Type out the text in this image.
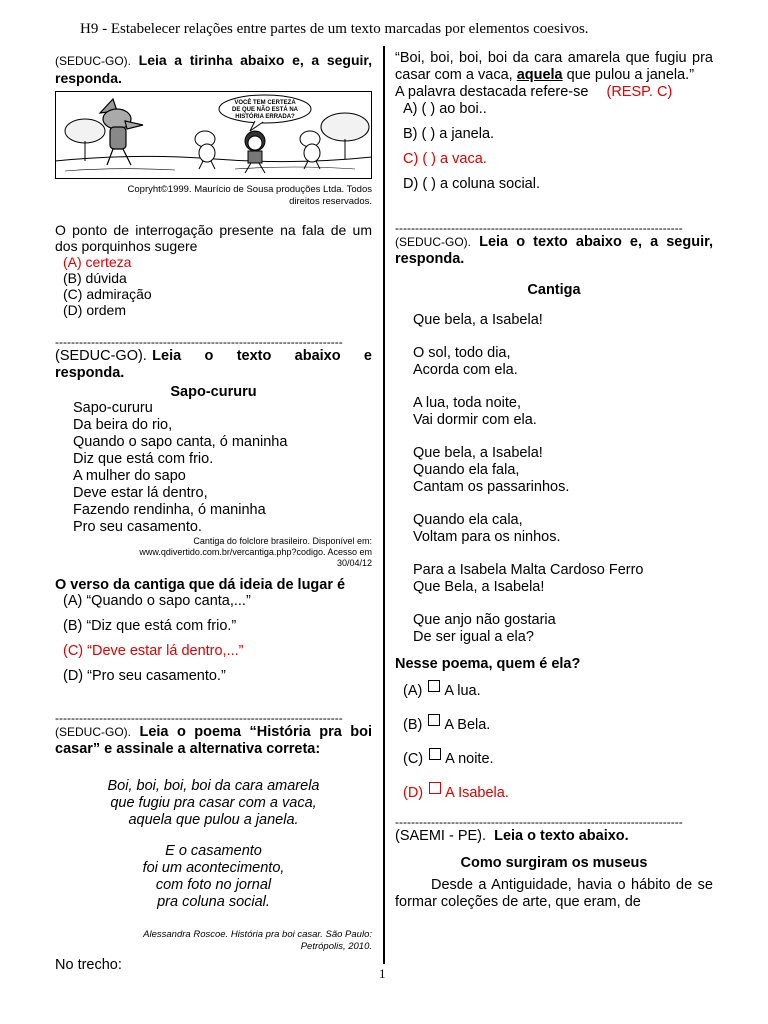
H9 - Estabelecer relações entre partes de um texto marcadas por elementos coesivos.

(SEDUC-GO). Leia a tirinha abaixo e, a seguir, responda.

VOCÊ TEM CERTEZA
DE QUE NÃO ESTÁ NA
HISTÓRIA ERRADA?

Copryht©1999. Maurício de Sousa produções Ltda. Todos direitos reservados.

O ponto de interrogação presente na fala de um dos porquinhos sugere

(A) certeza

(B) dúvida

(C) admiração

(D) ordem

------------------------------------------------------------------------

(SEDUC-GO). Leia o texto abaixo e responda.

Sapo-cururu

Sapo-cururu

Da beira do rio,

Quando o sapo canta, ó maninha

Diz que está com frio.

A mulher do sapo

Deve estar lá dentro,

Fazendo rendinha, ó maninha

Pro seu casamento.

Cantiga do folclore brasileiro. Disponível em: www.qdivertido.com.br/vercantiga.php?codigo. Acesso em 30/04/12

O verso da cantiga que dá ideia de lugar é

(A) “Quando o sapo canta,...”

(B) “Diz que está com frio.”

(C) “Deve estar lá dentro,...”

(D) “Pro seu casamento.”

------------------------------------------------------------------------

(SEDUC-GO). Leia o poema “História pra boi casar” e assinale a alternativa correta:

Boi, boi, boi, boi da cara amarela

que fugiu pra casar com a vaca,

aquela que pulou a janela.

E o casamento

foi um acontecimento,

com foto no jornal

pra coluna social.

Alessandra Roscoe. História pra boi casar. São Paulo: Petrópolis, 2010.

No trecho:

“Boi, boi, boi, boi da cara amarela que fugiu pra casar com a vaca, aquela que pulou a janela.”

A palavra destacada refere-se (RESP. C)

A) ( ) ao boi..

B) ( ) a janela.

C) ( ) a vaca.

D) ( ) a coluna social.

------------------------------------------------------------------------

(SEDUC-GO). Leia o texto abaixo e, a seguir, responda.

Cantiga

Que bela, a Isabela!

O sol, todo dia,

Acorda com ela.

A lua, toda noite,

Vai dormir com ela.

Que bela, a Isabela!

Quando ela fala,

Cantam os passarinhos.

Quando ela cala,

Voltam para os ninhos.

Para a Isabela Malta Cardoso Ferro

Que Bela, a Isabela!

Que anjo não gostaria

De ser igual a ela?

Nesse poema, quem é ela?

(A) A lua.

(B) A Bela.

(C) A noite.

(D) A Isabela.

------------------------------------------------------------------------

(SAEMI - PE).  Leia o texto abaixo.

Como surgiram os museus

Desde a Antiguidade, havia o hábito de se formar coleções de arte, que eram, de

1
